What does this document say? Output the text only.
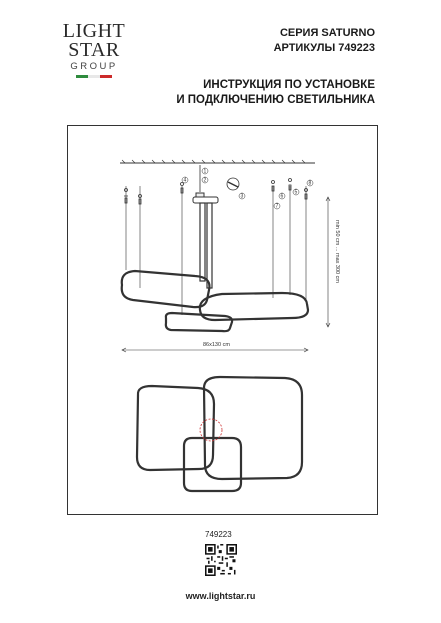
LIGHT
STAR
GROUP
СЕРИЯ SATURNO
АРТИКУЛЫ 749223
ИНСТРУКЦИЯ ПО УСТАНОВКЕ
И ПОДКЛЮЧЕНИЮ СВЕТИЛЬНИКА
1
2
3
4
5
6
7
8
86x130 cm
min 50 cm ... max 300 cm
749223
www.lightstar.ru
